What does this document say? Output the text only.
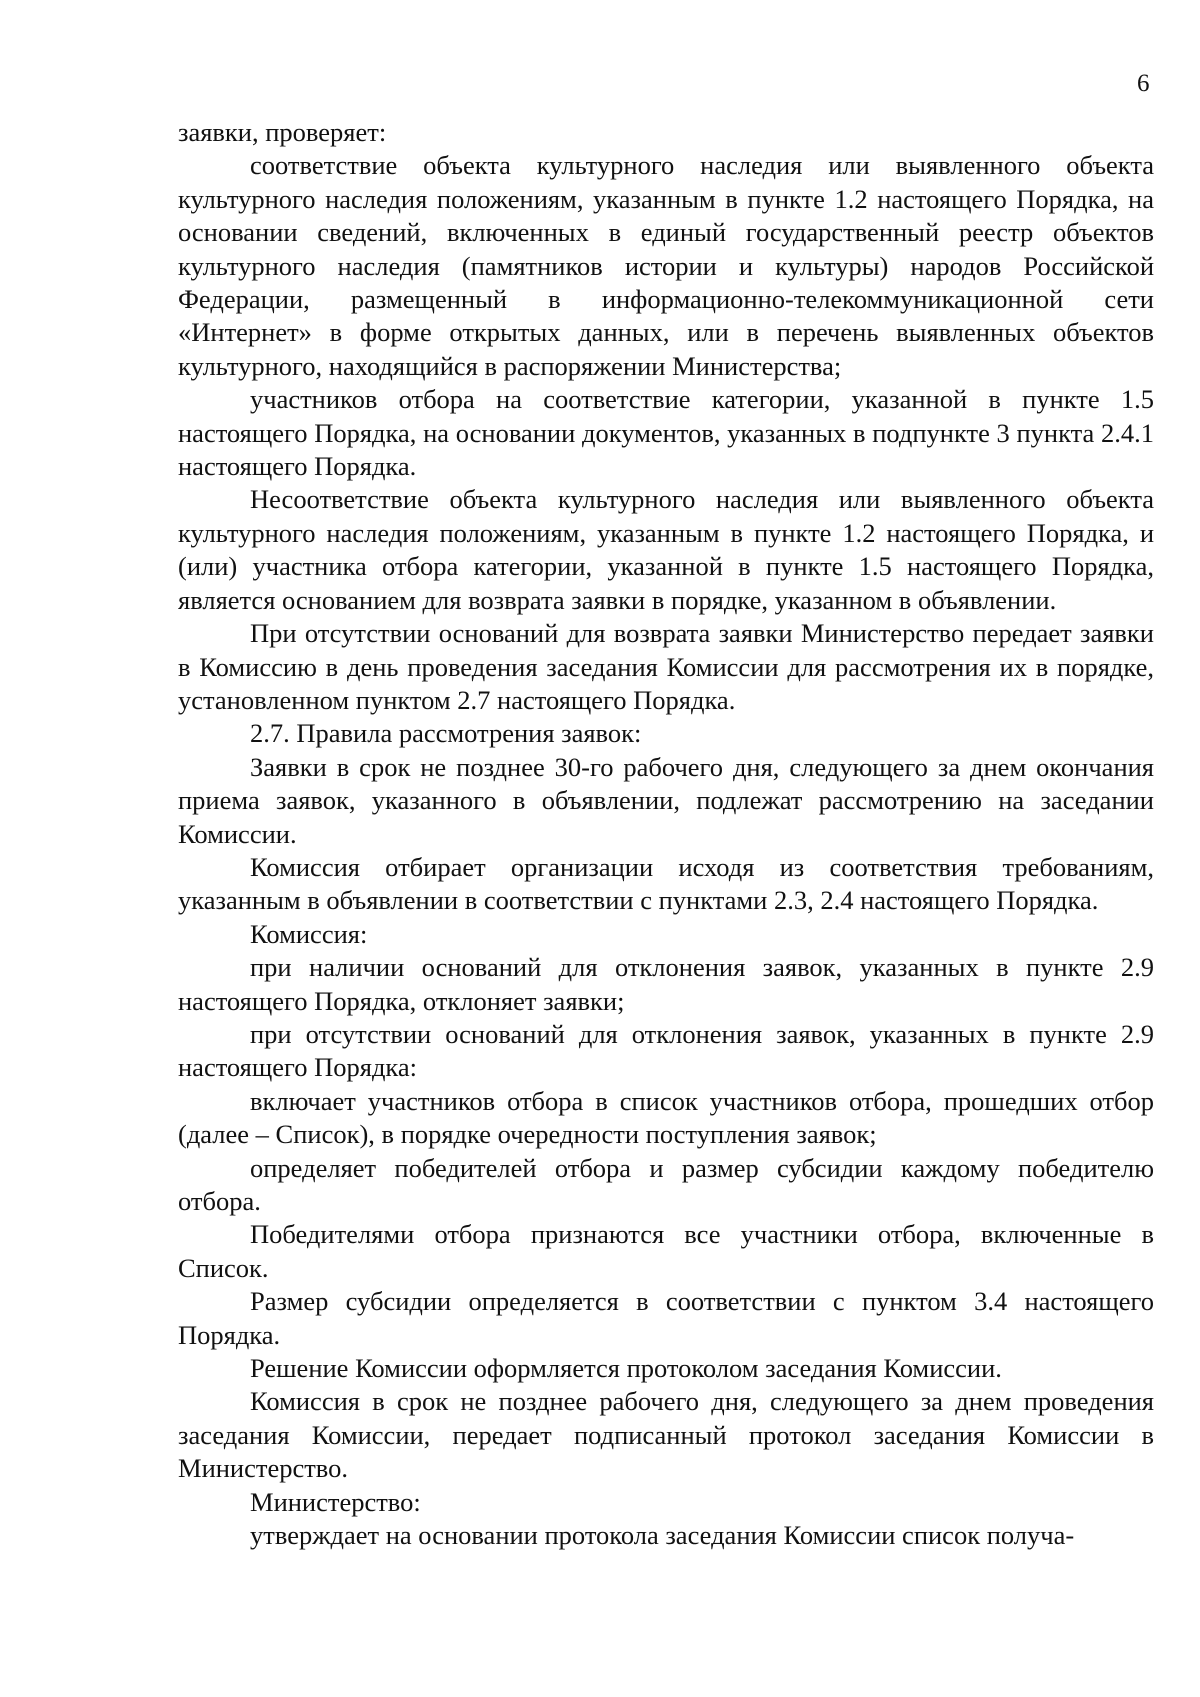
6

заявки, проверяет:

соответствие объекта культурного наследия или выявленного объекта культурного наследия положениям, указанным в пункте 1.2 настоящего Порядка, на основании сведений, включенных в единый государственный реестр объектов культурного наследия (памятников истории и культуры) народов Российской Федерации, размещенный в информационно-телекоммуникационной сети «Интернет» в форме открытых данных, или в перечень выявленных объектов культурного, находящийся в распоряжении Министерства;

участников отбора на соответствие категории, указанной в пункте 1.5 настоящего Порядка, на основании документов, указанных в подпункте 3 пункта 2.4.1 настоящего Порядка.

Несоответствие объекта культурного наследия или выявленного объекта культурного наследия положениям, указанным в пункте 1.2 настоящего Порядка, и (или) участника отбора категории, указанной в пункте 1.5 настоящего Порядка, является основанием для возврата заявки в порядке, указанном в объявлении.

При отсутствии оснований для возврата заявки Министерство передает заявки в Комиссию в день проведения заседания Комиссии для рассмотрения их в порядке, установленном пунктом 2.7 настоящего Порядка.

2.7. Правила рассмотрения заявок:

Заявки в срок не позднее 30-го рабочего дня, следующего за днем окончания приема заявок, указанного в объявлении, подлежат рассмотрению на заседании Комиссии.

Комиссия отбирает организации исходя из соответствия требованиям, указанным в объявлении в соответствии с пунктами 2.3, 2.4 настоящего Порядка.

Комиссия:

при наличии оснований для отклонения заявок, указанных в пункте 2.9 настоящего Порядка, отклоняет заявки;

при отсутствии оснований для отклонения заявок, указанных в пункте 2.9 настоящего Порядка:

включает участников отбора в список участников отбора, прошедших отбор (далее – Список), в порядке очередности поступления заявок;

определяет победителей отбора и размер субсидии каждому победителю отбора.

Победителями отбора признаются все участники отбора, включенные в Список.

Размер субсидии определяется в соответствии с пунктом 3.4 настоящего Порядка.

Решение Комиссии оформляется протоколом заседания Комиссии.

Комиссия в срок не позднее рабочего дня, следующего за днем проведения заседания Комиссии, передает подписанный протокол заседания Комиссии в Министерство.

Министерство:

утверждает на основании протокола заседания Комиссии список получа-
